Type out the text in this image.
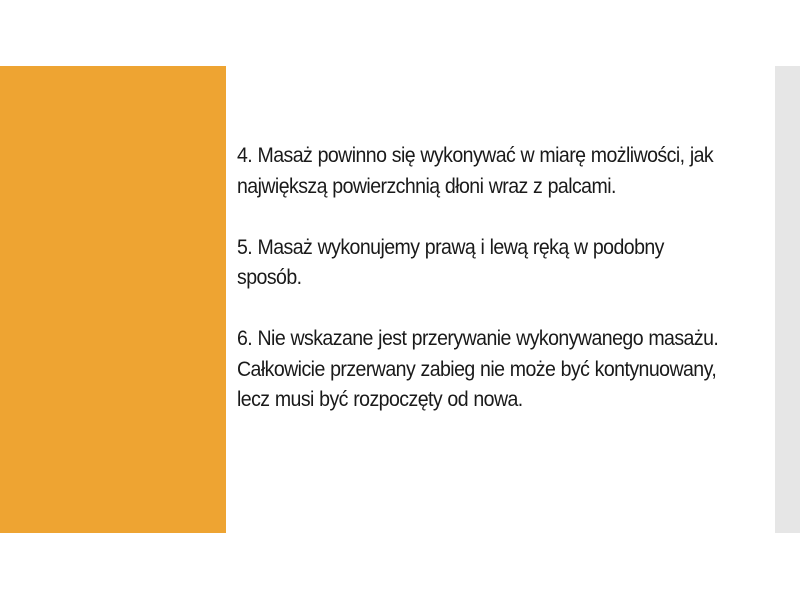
4. Masaż powinno się wykonywać w miarę możliwości, jak największą powierzchnią dłoni wraz z palcami.

5. Masaż wykonujemy prawą i lewą ręką w podobny sposób.

6. Nie wskazane jest przerywanie wykonywanego masażu. Całkowicie przerwany zabieg nie może być kontynuowany, lecz musi być rozpoczęty od nowa.
